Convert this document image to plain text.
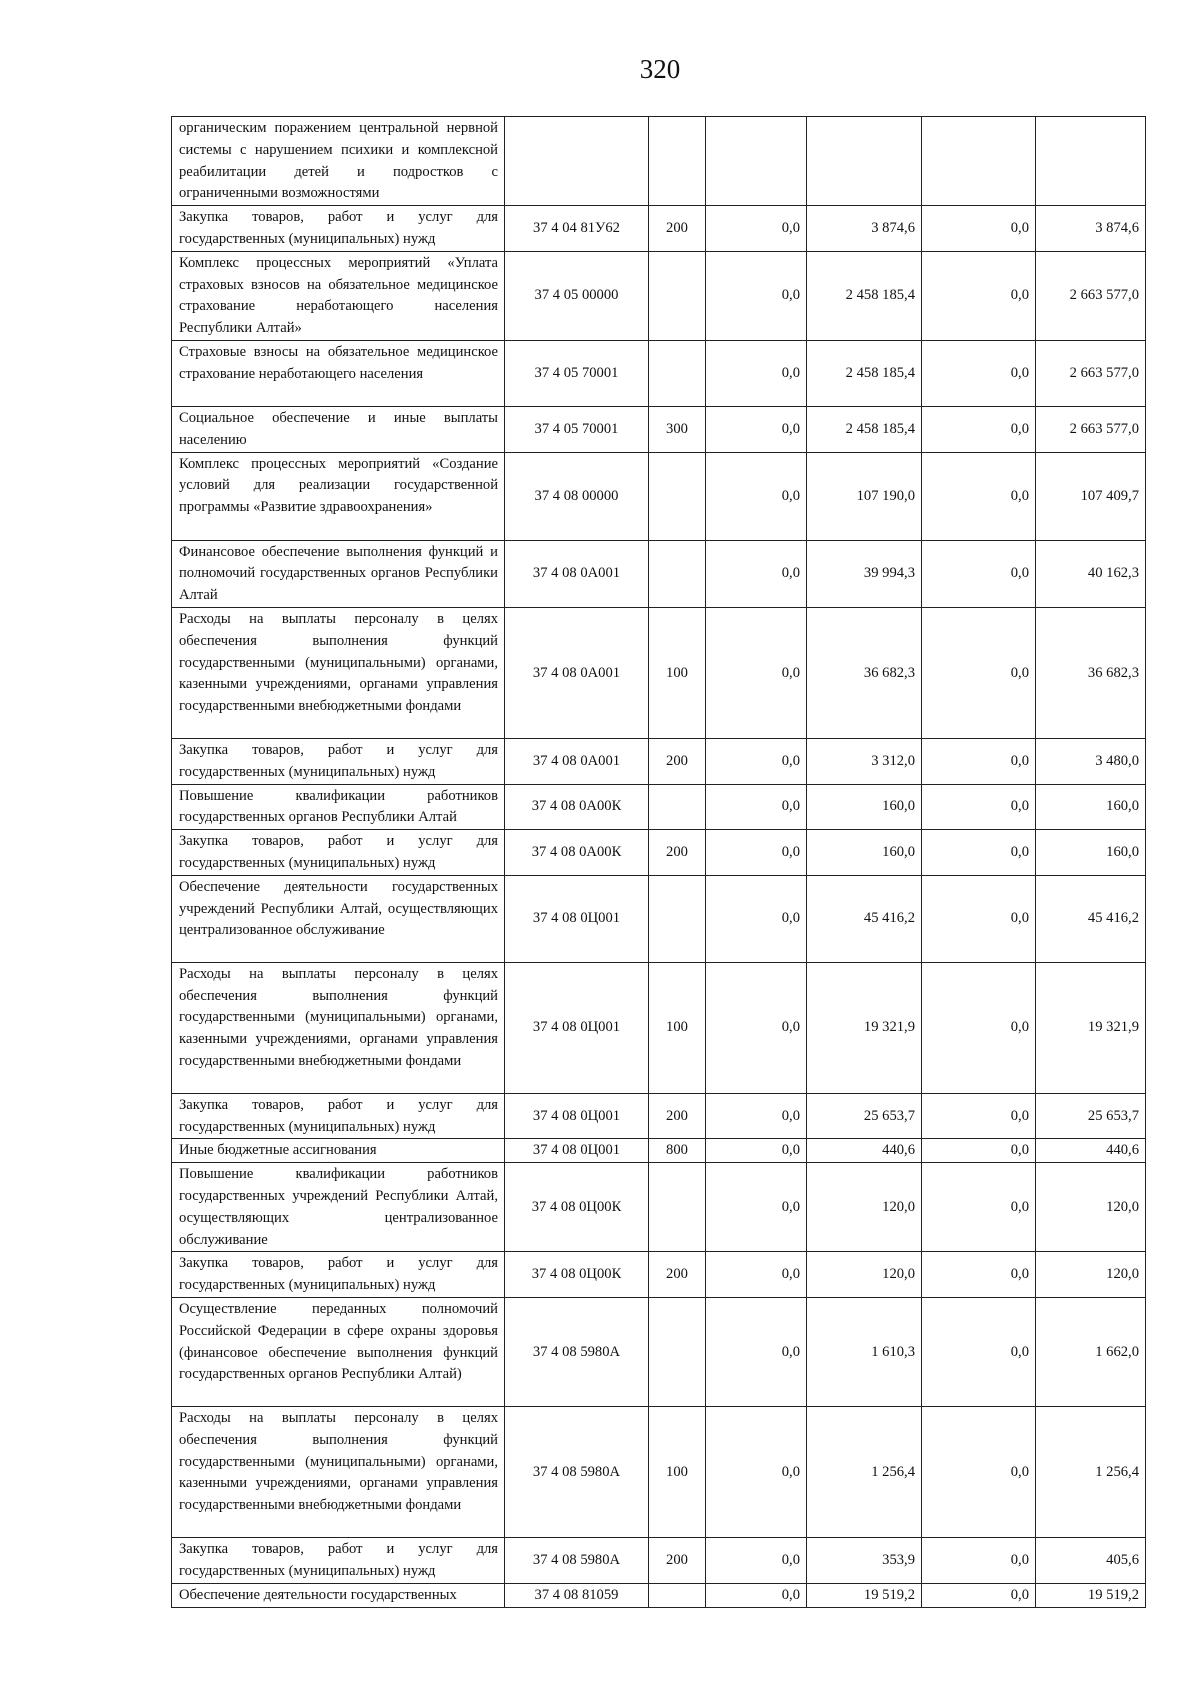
320
органическим поражением центральной нервной системы с нарушением психики и комплексной реабилитации детей и подростков с ограниченными возможностями						
Закупка товаров, работ и услуг для государственных (муниципальных) нужд	37 4 04 81У62	200	0,0	3 874,6	0,0	3 874,6
Комплекс процессных мероприятий «Уплата страховых взносов на обязательное медицинское страхование неработающего населения Республики Алтай»	37 4 05 00000		0,0	2 458 185,4	0,0	2 663 577,0
Страховые взносы на обязательное медицинское страхование неработающего населения	37 4 05 70001		0,0	2 458 185,4	0,0	2 663 577,0
Социальное обеспечение и иные выплаты населению	37 4 05 70001	300	0,0	2 458 185,4	0,0	2 663 577,0
Комплекс процессных мероприятий «Создание условий для реализации государственной программы «Развитие здравоохранения»	37 4 08 00000		0,0	107 190,0	0,0	107 409,7
Финансовое обеспечение выполнения функций и полномочий государственных органов Республики Алтай	37 4 08 0А001		0,0	39 994,3	0,0	40 162,3
Расходы на выплаты персоналу в целях обеспечения выполнения функций государственными (муниципальными) органами, казенными учреждениями, органами управления государственными внебюджетными фондами	37 4 08 0А001	100	0,0	36 682,3	0,0	36 682,3
Закупка товаров, работ и услуг для государственных (муниципальных) нужд	37 4 08 0А001	200	0,0	3 312,0	0,0	3 480,0
Повышение квалификации работников государственных органов Республики Алтай	37 4 08 0А00К		0,0	160,0	0,0	160,0
Закупка товаров, работ и услуг для государственных (муниципальных) нужд	37 4 08 0А00К	200	0,0	160,0	0,0	160,0
Обеспечение деятельности государственных учреждений Республики Алтай, осуществляющих централизованное обслуживание	37 4 08 0Ц001		0,0	45 416,2	0,0	45 416,2
Расходы на выплаты персоналу в целях обеспечения выполнения функций государственными (муниципальными) органами, казенными учреждениями, органами управления государственными внебюджетными фондами	37 4 08 0Ц001	100	0,0	19 321,9	0,0	19 321,9
Закупка товаров, работ и услуг для государственных (муниципальных) нужд	37 4 08 0Ц001	200	0,0	25 653,7	0,0	25 653,7
Иные бюджетные ассигнования	37 4 08 0Ц001	800	0,0	440,6	0,0	440,6
Повышение квалификации работников государственных учреждений Республики Алтай, осуществляющих централизованное обслуживание	37 4 08 0Ц00К		0,0	120,0	0,0	120,0
Закупка товаров, работ и услуг для государственных (муниципальных) нужд	37 4 08 0Ц00К	200	0,0	120,0	0,0	120,0
Осуществление переданных полномочий Российской Федерации в сфере охраны здоровья (финансовое обеспечение выполнения функций государственных органов Республики Алтай)	37 4 08 5980А		0,0	1 610,3	0,0	1 662,0
Расходы на выплаты персоналу в целях обеспечения выполнения функций государственными (муниципальными) органами, казенными учреждениями, органами управления государственными внебюджетными фондами	37 4 08 5980А	100	0,0	1 256,4	0,0	1 256,4
Закупка товаров, работ и услуг для государственных (муниципальных) нужд	37 4 08 5980А	200	0,0	353,9	0,0	405,6
Обеспечение деятельности государственных	37 4 08 81059		0,0	19 519,2	0,0	19 519,2
